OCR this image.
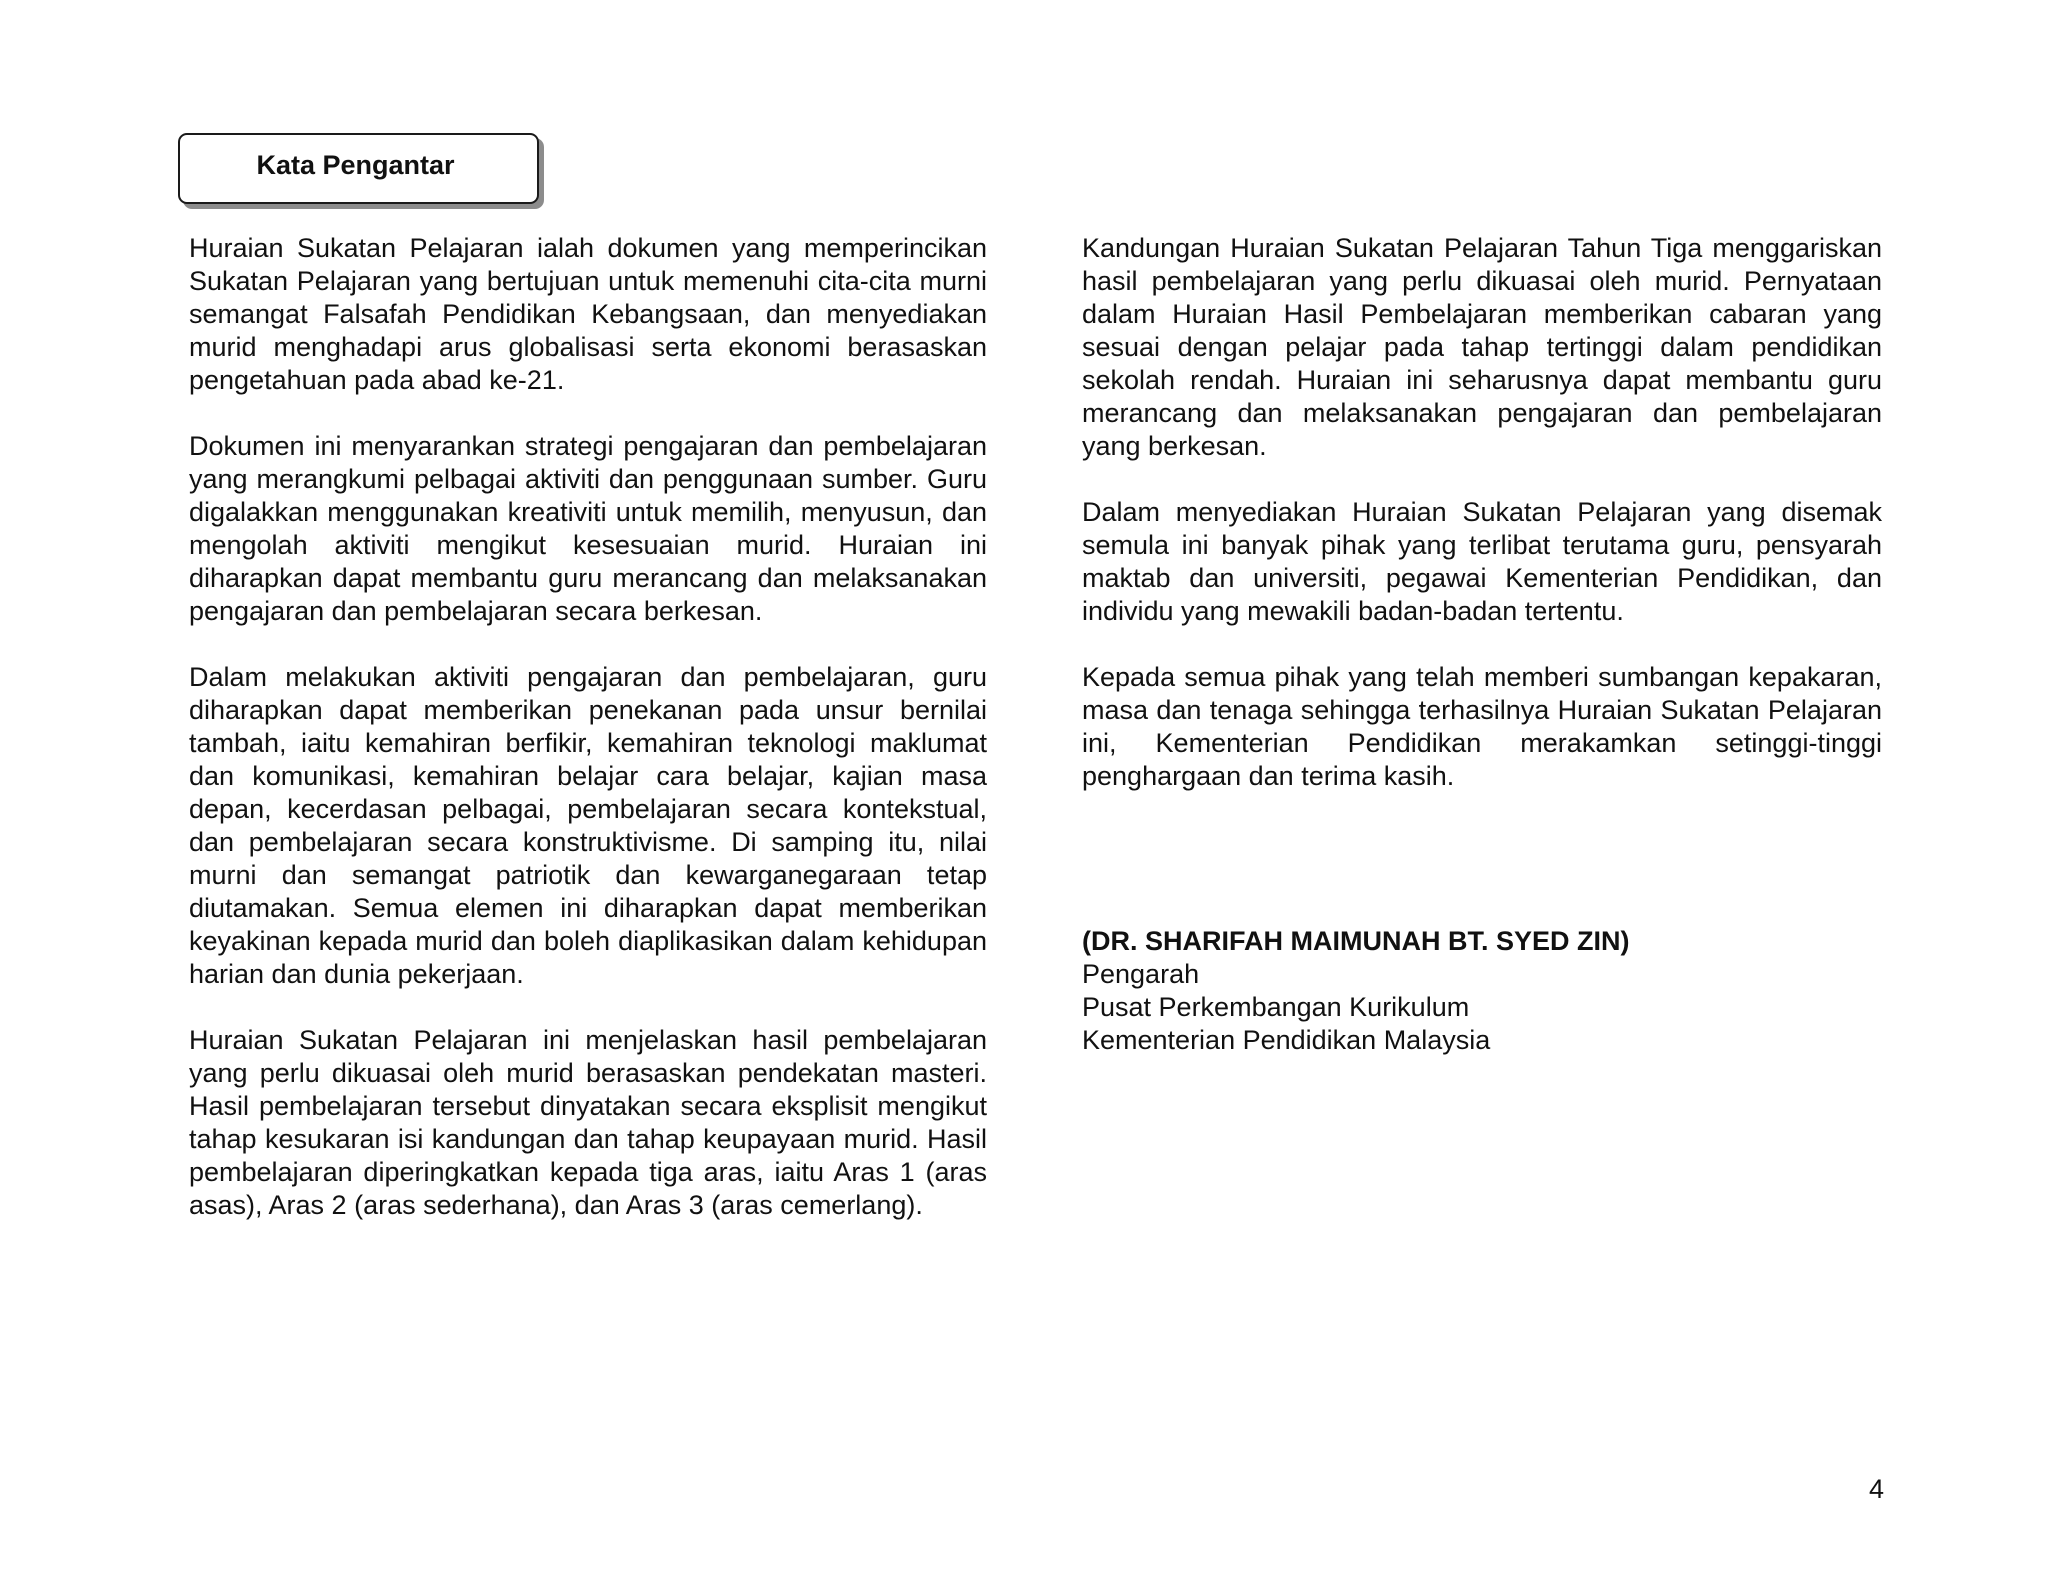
Kata Pengantar

Huraian Sukatan Pelajaran ialah dokumen yang memperincikan Sukatan Pelajaran yang bertujuan untuk memenuhi cita-cita murni semangat Falsafah Pendidikan Kebangsaan, dan menyediakan murid menghadapi arus globalisasi serta ekonomi berasaskan pengetahuan pada abad ke-21.

Dokumen ini menyarankan strategi pengajaran dan pembelajaran yang merangkumi pelbagai aktiviti dan penggunaan sumber. Guru digalakkan menggunakan kreativiti untuk memilih, menyusun, dan mengolah aktiviti mengikut kesesuaian murid. Huraian ini diharapkan dapat membantu guru merancang dan melaksanakan pengajaran dan pembelajaran secara berkesan.

Dalam melakukan aktiviti pengajaran dan pembelajaran, guru diharapkan dapat memberikan penekanan pada unsur bernilai tambah, iaitu kemahiran berfikir, kemahiran teknologi maklumat dan komunikasi, kemahiran belajar cara belajar, kajian masa depan, kecerdasan pelbagai, pembelajaran secara kontekstual, dan pembelajaran secara konstruktivisme. Di samping itu, nilai murni dan semangat patriotik dan kewarganegaraan tetap diutamakan. Semua elemen ini diharapkan dapat memberikan keyakinan kepada murid dan boleh diaplikasikan dalam kehidupan harian dan dunia pekerjaan.

Huraian Sukatan Pelajaran ini menjelaskan hasil pembelajaran yang perlu dikuasai oleh murid berasaskan pendekatan masteri. Hasil pembelajaran tersebut dinyatakan secara eksplisit mengikut tahap kesukaran isi kandungan dan tahap keupayaan murid. Hasil pembelajaran diperingkatkan kepada tiga aras, iaitu Aras 1 (aras asas), Aras 2 (aras sederhana), dan Aras 3 (aras cemerlang).

Kandungan Huraian Sukatan Pelajaran Tahun Tiga menggariskan hasil pembelajaran yang perlu dikuasai oleh murid. Pernyataan dalam Huraian Hasil Pembelajaran memberikan cabaran yang sesuai dengan pelajar pada tahap tertinggi dalam pendidikan sekolah rendah. Huraian ini seharusnya dapat membantu guru merancang dan melaksanakan pengajaran dan pembelajaran yang berkesan.

Dalam menyediakan Huraian Sukatan Pelajaran yang disemak semula ini banyak pihak yang terlibat terutama guru, pensyarah maktab dan universiti, pegawai Kementerian Pendidikan, dan individu yang mewakili badan-badan tertentu.

Kepada semua pihak yang telah memberi sumbangan kepakaran, masa dan tenaga sehingga terhasilnya Huraian Sukatan Pelajaran ini, Kementerian Pendidikan merakamkan setinggi-tinggi penghargaan dan terima kasih.

(DR. SHARIFAH MAIMUNAH BT. SYED ZIN)

Pengarah

Pusat Perkembangan Kurikulum

Kementerian Pendidikan Malaysia

4
